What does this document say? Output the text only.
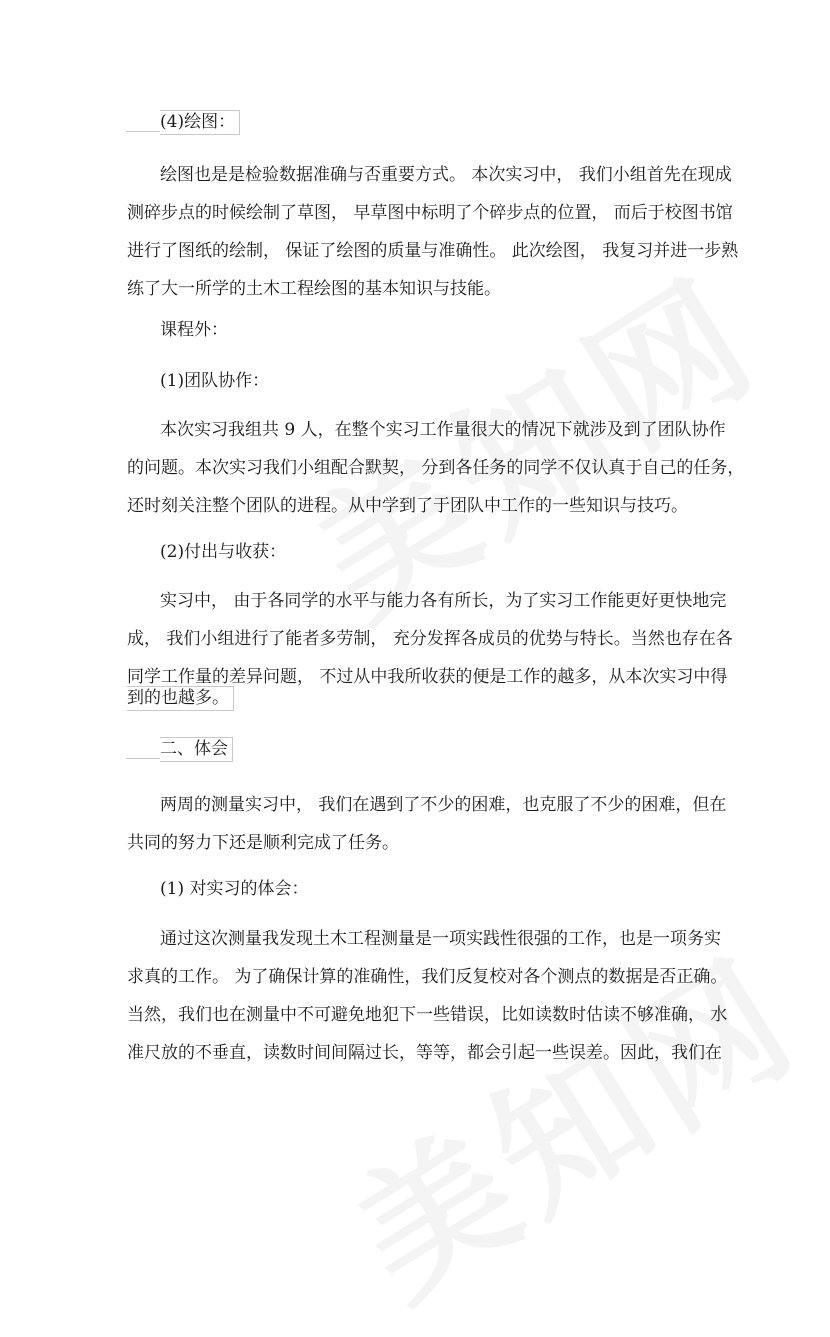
(4)绘图：
绘图也是是检验数据准确与否重要方式。 本次实习中， 我们小组首先在现成
测碎步点的时候绘制了草图， 早草图中标明了个碎步点的位置， 而后于校图书馆
进行了图纸的绘制， 保证了绘图的质量与准确性。 此次绘图， 我复习并进一步熟
练了大一所学的土木工程绘图的基本知识与技能。
课程外：
(1)团队协作：
本次实习我组共 9 人，在整个实习工作量很大的情况下就涉及到了团队协作
的问题。本次实习我们小组配合默契， 分到各任务的同学不仅认真于自己的任务，
还时刻关注整个团队的进程。从中学到了于团队中工作的一些知识与技巧。
(2)付出与收获：
实习中， 由于各同学的水平与能力各有所长，为了实习工作能更好更快地完
成， 我们小组进行了能者多劳制， 充分发挥各成员的优势与特长。当然也存在各
同学工作量的差异问题， 不过从中我所收获的便是工作的越多，从本次实习中得
到的也越多。
二、体会
两周的测量实习中， 我们在遇到了不少的困难，也克服了不少的困难，但在
共同的努力下还是顺利完成了任务。
(1) 对实习的体会：
通过这次测量我发现土木工程测量是一项实践性很强的工作，也是一项务实
求真的工作。 为了确保计算的准确性，我们反复校对各个测点的数据是否正确。
当然，我们也在测量中不可避免地犯下一些错误，比如读数时估读不够准确， 水
准尺放的不垂直，读数时间间隔过长，等等，都会引起一些误差。因此，我们在
